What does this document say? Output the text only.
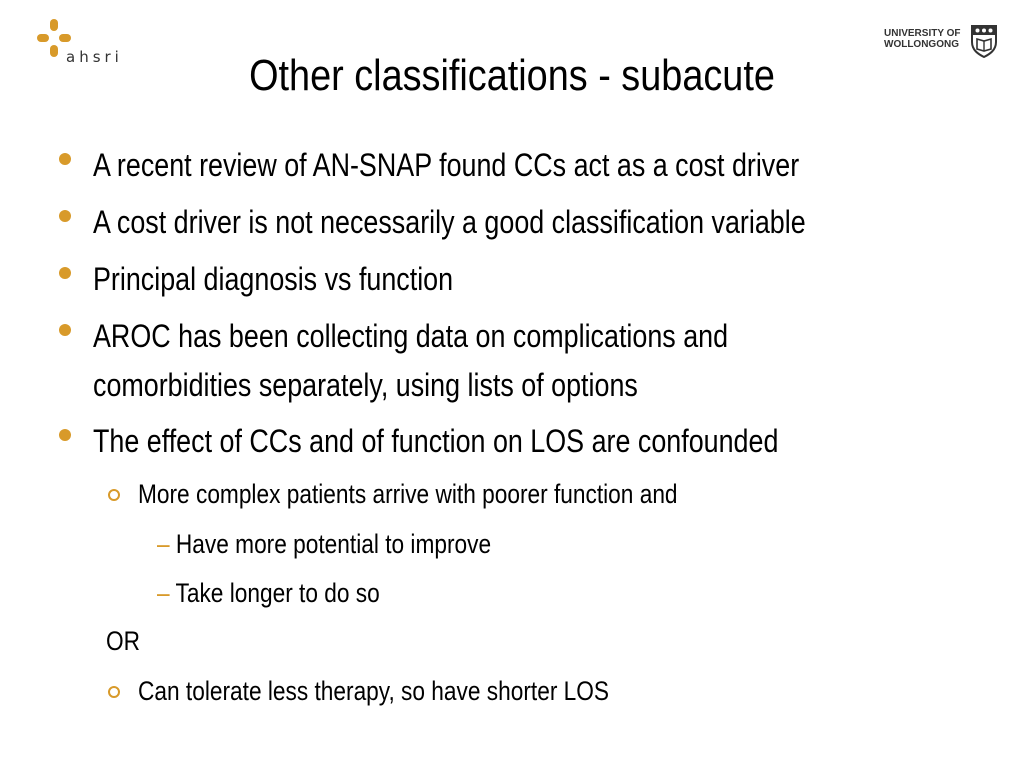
ahsri
UNIVERSITY OF
WOLLONGONG
Other classifications - subacute
A recent review of AN-SNAP found CCs act as a cost driver
A cost driver is not necessarily a good classification variable
Principal diagnosis vs function
AROC has been collecting data on complications and
comorbidities separately, using lists of options
The effect of CCs and of function on LOS are confounded
More complex patients arrive with poorer function and
– Have more potential to improve
– Take longer to do so
OR
Can tolerate less therapy, so have shorter LOS
